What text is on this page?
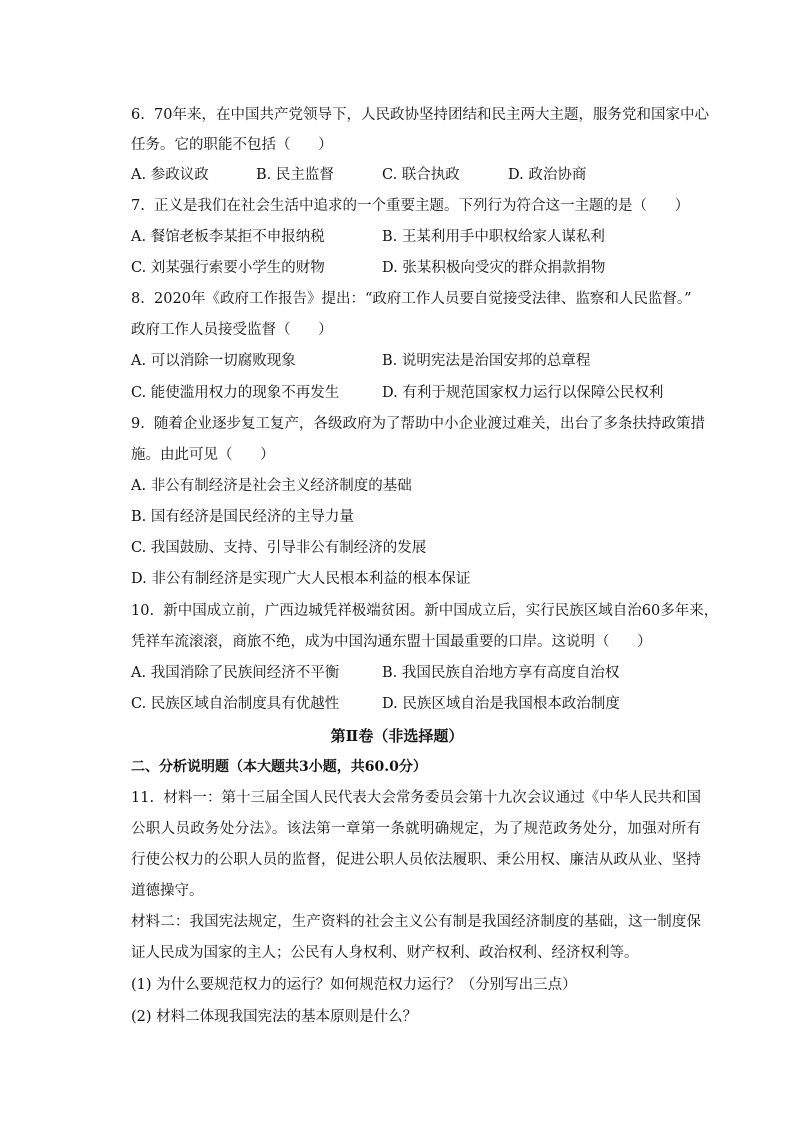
6.  70年来，在中国共产党领导下，人民政协坚持团结和民主两大主题，服务党和国家中心
任务。它的职能不包括（      ）
A. 参政议政	B. 民主监督	C. 联合执政	D. 政治协商
7.  正义是我们在社会生活中追求的一个重要主题。下列行为符合这一主题的是（      ）
A. 餐馆老板李某拒不申报纳税	B. 王某利用手中职权给家人谋私利
C. 刘某强行索要小学生的财物	D. 张某积极向受灾的群众捐款捐物
8.  2020年《政府工作报告》提出：“政府工作人员要自觉接受法律、监察和人民监督。”
政府工作人员接受监督（      ）
A. 可以消除一切腐败现象	B. 说明宪法是治国安邦的总章程
C. 能使滥用权力的现象不再发生	D. 有利于规范国家权力运行以保障公民权利
9.  随着企业逐步复工复产，各级政府为了帮助中小企业渡过难关，出台了多条扶持政策措
施。由此可见（      ）
A. 非公有制经济是社会主义经济制度的基础
B. 国有经济是国民经济的主导力量
C. 我国鼓励、支持、引导非公有制经济的发展
D. 非公有制经济是实现广大人民根本利益的根本保证
10.  新中国成立前，广西边城凭祥极端贫困。新中国成立后，实行民族区域自治60多年来，
凭祥车流滚滚，商旅不绝，成为中国沟通东盟十国最重要的口岸。这说明（      ）
A. 我国消除了民族间经济不平衡	B. 我国民族自治地方享有高度自治权
C. 民族区域自治制度具有优越性	D. 民族区域自治是我国根本政治制度
第Ⅱ卷（非选择题）
二、分析说明题（本大题共3小题，共60.0分）
11.  材料一：第十三届全国人民代表大会常务委员会第十九次会议通过《中华人民共和国公职人员政务处分法》。该法第一章第一条就明确规定，为了规范政务处分，加强对所有行使公权力的公职人员的监督，促进公职人员依法履职、秉公用权、廉洁从政从业、坚持道德操守。
材料二：我国宪法规定，生产资料的社会主义公有制是我国经济制度的基础，这一制度保证人民成为国家的主人；公民有人身权利、财产权利、政治权利、经济权利等。
(1) 为什么要规范权力的运行？如何规范权力运行？（分别写出三点）
(2) 材料二体现我国宪法的基本原则是什么？
